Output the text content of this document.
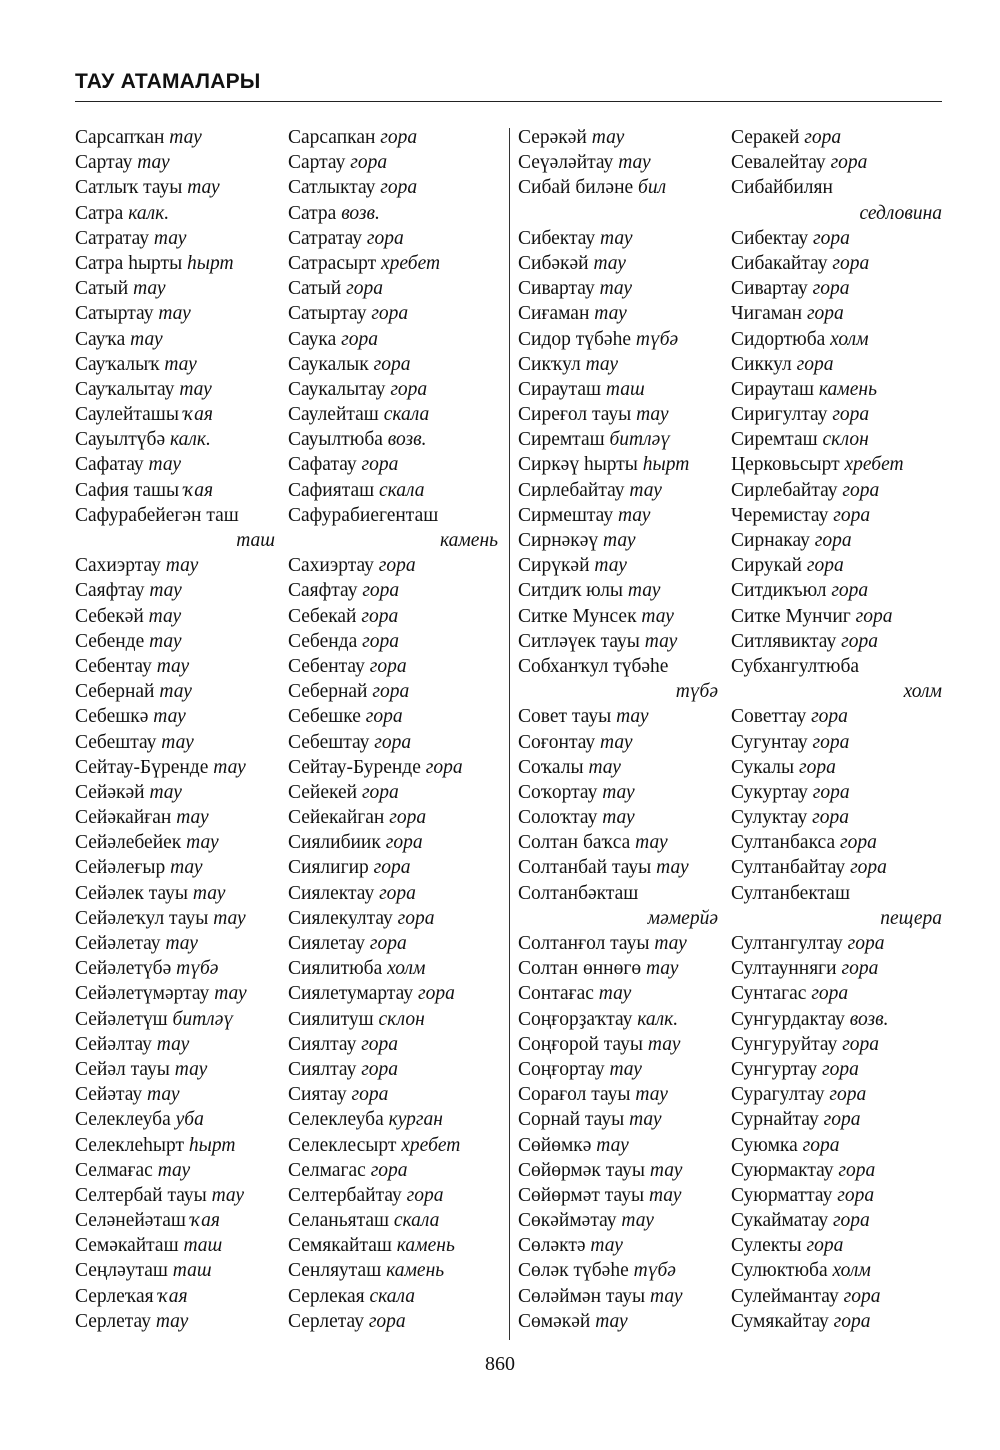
ТАУ АТАМАЛАРЫ
Сарсапҡан тау
Сартау тау
Сатлыҡ тауы тау
Сатра калк.
Сатратау тау
Сатра һырты һырт
Сатый тау
Сатыртау тау
Сауҡа тау
Сауҡалыҡ тау
Сауҡалытау тау
Саулейташы ҡая
Сауылтүбә калк.
Сафатау тау
Сафия ташы ҡая
Сафурабейегән таш
таш
Сахиэртау тау
Саяфтау тау
Себекәй тау
Себенде тау
Себентау тау
Себернай тау
Себешкә тау
Себештау тау
Сейтау-Бүренде тау
Сейәкәй тау
Сейәкайған тау
Сейәлебейек тау
Сейәлеғыр тау
Сейәлек тауы тау
Сейәлеҡул тауы тау
Сейәлетау тау
Сейәлетүбә түбә
Сейәлетүмәртау тау
Сейәлетүш битләү
Сейәлтау тау
Сейәл тауы тау
Сейәтау тау
Селеклеуба уба
Селеклеһырт һырт
Селмағас тау
Селтербай тауы тау
Селәнейәташ ҡая
Семәкайташ таш
Сеңләуташ таш
Серлеҡая ҡая
Серлетау тау
Сарсапкан гора
Сартау гора
Сатлыктау гора
Сатра возв.
Сатратау гора
Сатрасырт хребет
Сатый гора
Сатыртау гора
Саука гора
Саукалык гора
Саукалытау гора
Саулейташ скала
Сауылтюба возв.
Сафатау гора
Сафияташ скала
Сафурабиегенташ
камень
Сахиэртау гора
Саяфтау гора
Себекай гора
Себенда гора
Себентау гора
Себернай гора
Себешке гора
Себештау гора
Сейтау-Буренде гора
Сейекей гора
Сейекайган гора
Сиялибиик гора
Сиялигир гора
Сиялектау гора
Сиялекултау гора
Сиялетау гора
Сиялитюба холм
Сиялетумартау гора
Сиялитуш склон
Сиялтау гора
Сиялтау гора
Сиятау гора
Селеклеуба курган
Селеклесырт хребет
Селмагас гора
Селтербайтау гора
Селаньяташ скала
Семякайташ камень
Сенляуташ камень
Серлекая скала
Серлетау гора
Серәкәй тау
Сеүәләйтау тау
Сибай биләне бил
Сибектау тау
Сибәкәй тау
Сивартау тау
Сиғаман тау
Сидор түбәһе түбә
Сикҡул тау
Сирауташ таш
Сиреғол тауы тау
Сиремташ битләү
Сиркәү һырты һырт
Сирлебайтау тау
Сирмештау тау
Сирнәкәү тау
Сирүкәй тау
Ситдиҡ юлы тау
Ситке Мунсек тау
Ситләүек тауы тау
Собханҡул түбәһе
түбә
Совет тауы тау
Соғонтау тау
Соҡалы тау
Соҡортау тау
Солоҡтау тау
Солтан баҡса тау
Солтанбай тауы тау
Солтанбәкташ
мәмерйә
Солтанғол тауы тау
Солтан өннөгө тау
Сонтағас тау
Соңғорҙаҡтау калк.
Соңғорой тауы тау
Соңғортау тау
Сорағол тауы тау
Сорнай тауы тау
Сөйөмкә тау
Сөйөрмәк тауы тау
Сөйөрмәт тауы тау
Сөкәймәтау тау
Сөләктә тау
Сөләк түбәһе түбә
Сөләймән тауы тау
Сөмәкәй тау
Серакей гора
Севалейтау гора
Сибайбилян
седловина
Сибектау гора
Сибакайтау гора
Сивартау гора
Чигаман гора
Сидортюба холм
Сиккул гора
Сирауташ камень
Сиригултау гора
Сиремташ склон
Церковьсырт хребет
Сирлебайтау гора
Черемистау гора
Сирнакау гора
Сирукай гора
Ситдикъюл гора
Ситке Мунчиг гора
Ситлявиктау гора
Субхангултюба
холм
Советтау гора
Сугунтау гора
Сукалы гора
Сукуртау гора
Сулуктау гора
Султанбакса гора
Султанбайтау гора
Султанбекташ
пещера
Султангултау гора
Султаунняги гора
Сунтагас гора
Сунгурдактау возв.
Сунгуруйтау гора
Сунгуртау гора
Сурагултау гора
Сурнайтау гора
Суюмка гора
Суюрмактау гора
Суюрматтау гора
Сукайматау гора
Сулекты гора
Сулюктюба холм
Сулеймантау гора
Сумякайтау гора
860
